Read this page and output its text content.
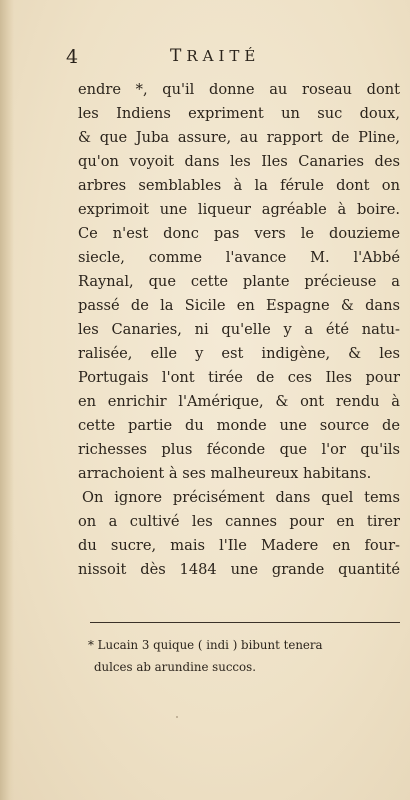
4	TRAITÉ
endre *, qu'il donne au roseau dont
les Indiens expriment un suc doux,
& que Juba assure, au rapport de Pline,
qu'on voyoit dans les Iles Canaries des
arbres semblables à la férule dont on
exprimoit une liqueur agréable à boire.
Ce n'est donc pas vers le douzieme
siecle, comme l'avance M. l'Abbé
Raynal, que cette plante précieuse a
passé de la Sicile en Espagne & dans
les Canaries, ni qu'elle y a été natu-
ralisée, elle y est indigène, & les
Portugais l'ont tirée de ces Iles pour
en enrichir l'Amérique, & ont rendu à
cette partie du monde une source de
richesses plus féconde que l'or qu'ils
arrachoient à ses malheureux habitans.
On ignore précisément dans quel tems
on a cultivé les cannes pour en tirer
du sucre, mais l'Ile Madere en four-
nissoit dès 1484 une grande quantité
* Lucain 3 quique ( indi ) bibunt tenera
dulces ab arundine succos.
